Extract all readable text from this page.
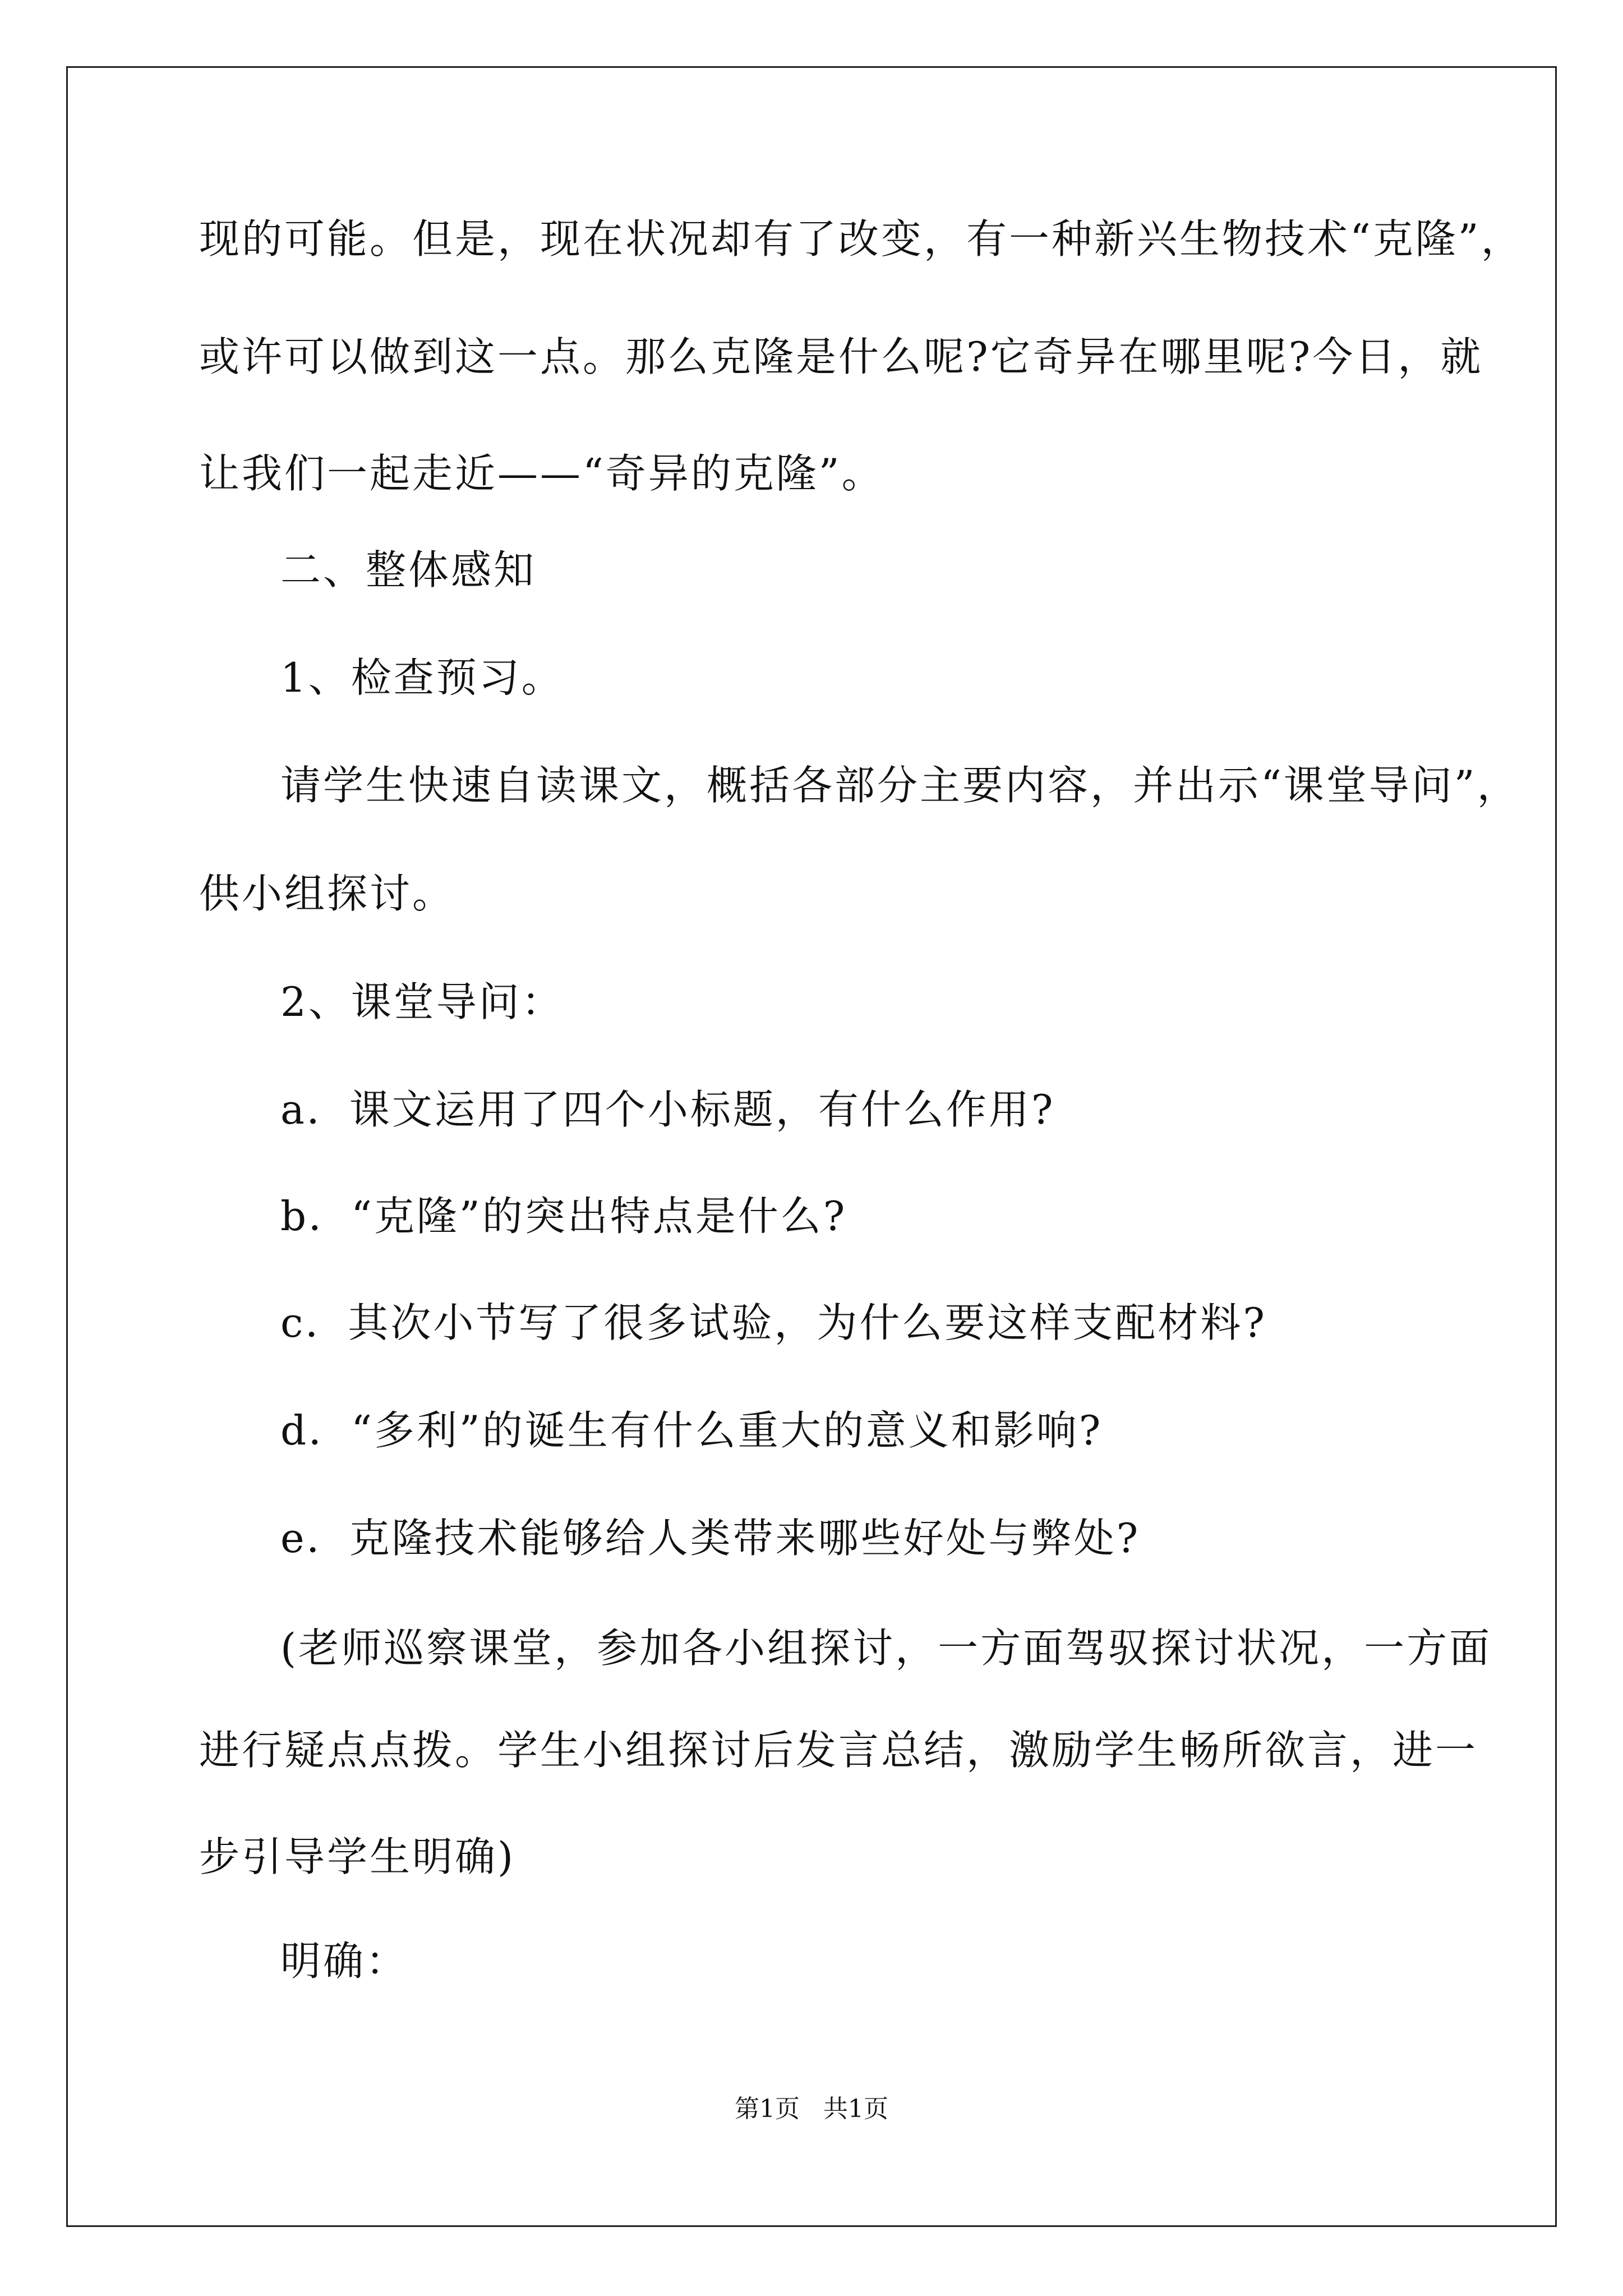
现的可能。但是，现在状况却有了改变，有一种新兴生物技术“克隆”，
或许可以做到这一点。那么克隆是什么呢?它奇异在哪里呢?今日，就
让我们一起走近——“奇异的克隆”。
二、整体感知
1、检查预习。
请学生快速自读课文，概括各部分主要内容，并出示“课堂导问”，
供小组探讨。
2、课堂导问：
a．课文运用了四个小标题，有什么作用?
b．“克隆”的突出特点是什么?
c．其次小节写了很多试验，为什么要这样支配材料?
d．“多利”的诞生有什么重大的意义和影响?
e．克隆技术能够给人类带来哪些好处与弊处?
(老师巡察课堂，参加各小组探讨，一方面驾驭探讨状况，一方面
进行疑点点拨。学生小组探讨后发言总结，激励学生畅所欲言，进一
步引导学生明确)
明确：
第1页   共1页
